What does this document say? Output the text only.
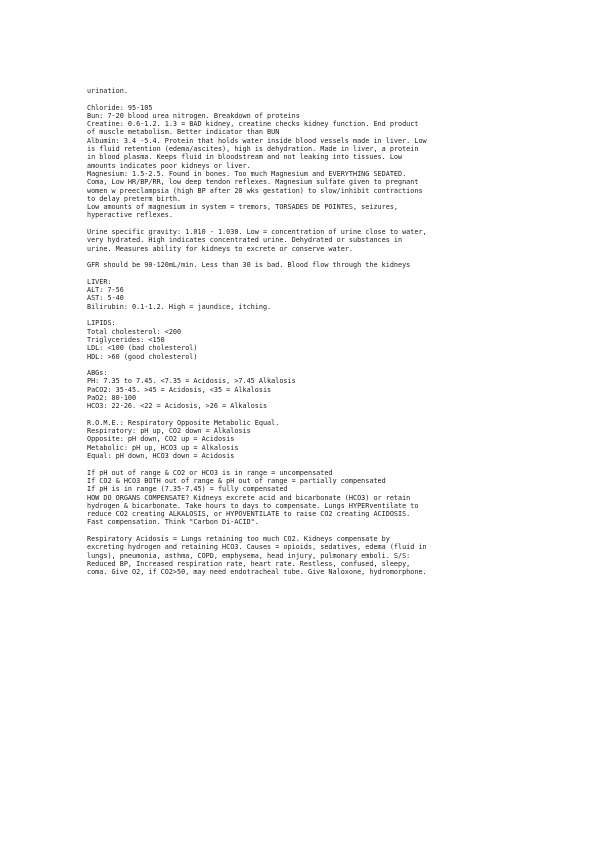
urination.
Chloride: 95-105
Bun: 7-20 blood urea nitrogen. Breakdown of proteins
Creatine: 0.6-1.2. 1.3 = BAD kidney, creatine checks kidney function. End product
of muscle metabolism. Better indicator than BUN
Albumin: 3.4 -5.4. Protein that holds water inside blood vessels made in liver. Low
is fluid retention (edema/ascites), high is dehydration. Made in liver, a protein
in blood plasma. Keeps fluid in bloodstream and not leaking into tissues. Low
amounts indicates poor kidneys or liver.
Magnesium: 1.5-2.5. Found in bones. Too much Magnesium and EVERYTHING SEDATED.
Coma, Low HR/BP/RR, low deep tendon reflexes. Magnesium sulfate given to pregnant
women w preeclampsia (high BP after 20 wks gestation) to slow/inhibit contractions
to delay preterm birth.
Low amounts of magnesium in system = tremors, TORSADES DE POINTES, seizures,
hyperactive reflexes.
Urine specific gravity: 1.010 - 1.030. Low = concentration of urine close to water,
very hydrated. High indicates concentrated urine. Dehydrated or substances in
urine. Measures ability for kidneys to excrete or conserve water.
GFR should be 90-120mL/min. Less than 30 is bad. Blood flow through the kidneys
LIVER:
ALT: 7-56
AST: 5-40
Bilirubin: 0.1-1.2. High = jaundice, itching.
LIPIDS:
Total cholesterol: <200
Triglycerides: <150
LDL: <100 (bad cholesterol)
HDL: >60 (good cholesterol)
ABGs:
PH: 7.35 to 7.45. <7.35 = Acidosis, >7.45 Alkalosis
PaCO2: 35-45. >45 = Acidosis, <35 = Alkalosis
PaO2: 80-100
HCO3: 22-26. <22 = Acidosis, >26 = Alkalosis
R.O.M.E.: Respiratory Opposite Metabolic Equal.
Respiratory: pH up, CO2 down = Alkalosis
Opposite: pH down, CO2 up = Acidosis
Metabolic: pH up, HCO3 up = Alkalosis
Equal: pH down, HCO3 down = Acidosis
If pH out of range & CO2 or HCO3 is in range = uncompensated
If CO2 & HCO3 BOTH out of range & pH out of range = partially compensated
If pH is in range (7.35-7.45) = fully compensated
HOW DO ORGANS COMPENSATE? Kidneys excrete acid and bicarbonate (HCO3) or retain
hydrogen & bicarbonate. Take hours to days to compensate. Lungs HYPERventilate to
reduce CO2 creating ALKALOSIS, or HYPOVENTILATE to raise CO2 creating ACIDOSIS.
Fast compensation. Think "Carbon Di-ACID".
Respiratory Acidosis = Lungs retaining too much CO2. Kidneys compensate by
excreting hydrogen and retaining HCO3. Causes = opioids, sedatives, edema (fluid in
lungs), pneumonia, asthma, COPD, emphysema, head injury, pulmonary emboli. S/S:
Reduced BP, Increased respiration rate, heart rate. Restless, confused, sleepy,
coma. Give O2, if CO2>50, may need endotracheal tube. Give Naloxone, hydromorphone.
